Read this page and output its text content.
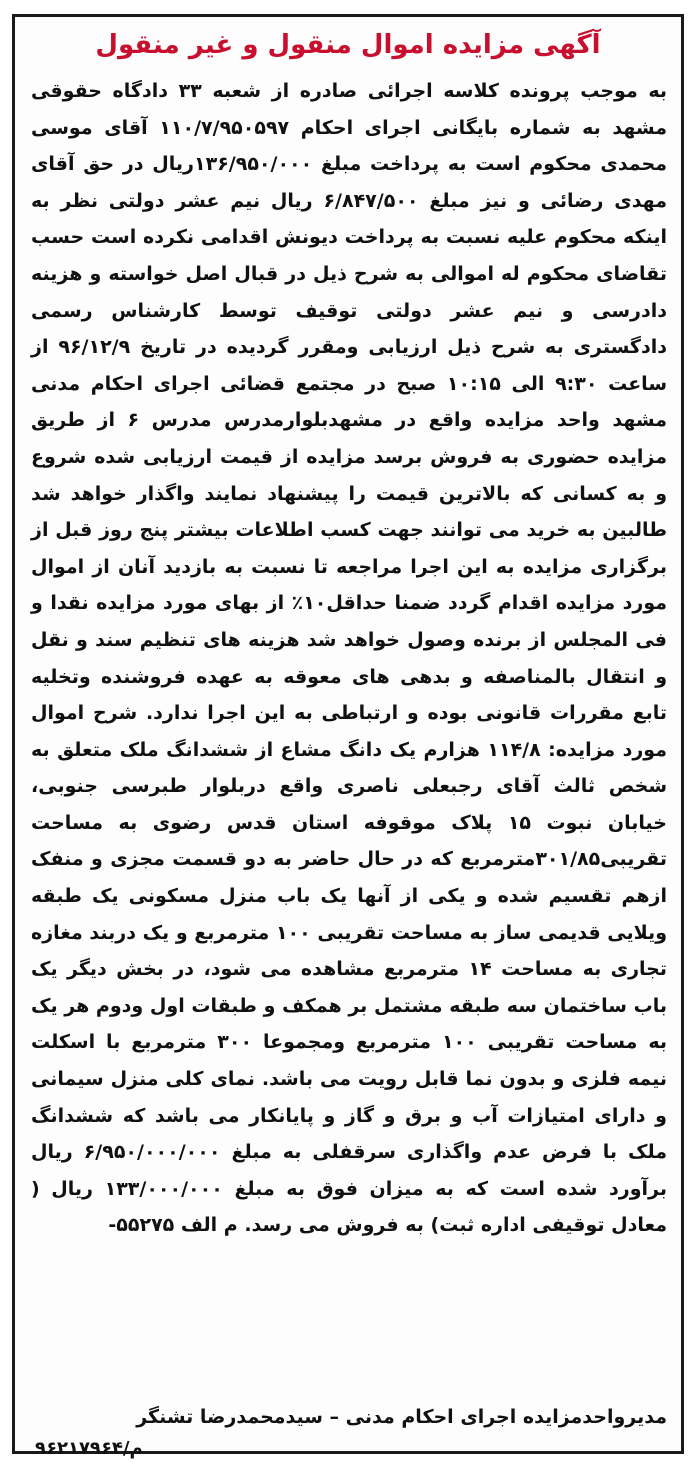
آگهی مزایده اموال منقول و غیر منقول

به موجب پرونده کلاسه اجرائی صادره از شعبه ۳۳ دادگاه حقوقی مشهد به شماره بایگانی اجرای احکام ۱۱۰/۷/۹۵۰۵۹۷ آقای موسی محمدی محکوم است به پرداخت مبلغ ۱۳۶/۹۵۰/۰۰۰ریال در حق آقای مهدی رضائی و نیز مبلغ ۶/۸۴۷/۵۰۰ ریال نیم عشر دولتی نظر به اینکه محکوم علیه نسبت به پرداخت دیونش اقدامی نکرده است حسب تقاضای محکوم له اموالی به شرح ذیل در قبال اصل خواسته و هزینه دادرسی و نیم عشر دولتی توقیف توسط کارشناس رسمی دادگستری به شرح ذیل ارزیابی ومقرر گردیده در تاریخ ۹۶/۱۲/۹ از ساعت ۹:۳۰ الی ۱۰:۱۵ صبح در مجتمع قضائی اجرای احکام مدنی مشهد واحد مزایده واقع در مشهدبلوارمدرس مدرس ۶ از طریق مزایده حضوری به فروش برسد مزایده از قیمت ارزیابی شده شروع و به کسانی که بالاترین قیمت را پیشنهاد نمایند واگذار خواهد شد طالبین به خرید می توانند جهت کسب اطلاعات بیشتر پنج روز قبل از برگزاری مزایده به این اجرا مراجعه تا نسبت به بازدید آنان از اموال مورد مزایده اقدام گردد ضمنا حداقل۱۰٪ از بهای مورد مزایده نقدا و فی المجلس از برنده وصول خواهد شد هزینه های تنظیم سند و نقل و انتقال بالمناصفه و بدهی های معوقه به عهده فروشنده وتخلیه تابع مقررات قانونی بوده و ارتباطی به این اجرا ندارد. شرح اموال مورد مزایده: ۱۱۴/۸ هزارم یک دانگ مشاع از ششدانگ ملک متعلق به شخص ثالث آقای رجبعلی ناصری واقع دربلوار طبرسی جنوبی، خیابان نبوت ۱۵ پلاک موقوفه استان قدس رضوی به مساحت تقریبی۳۰۱/۸۵مترمربع که در حال حاضر به دو قسمت مجزی و منفک ازهم تقسیم شده و یکی از آنها یک باب منزل مسکونی یک طبقه ویلایی قدیمی ساز به مساحت تقریبی ۱۰۰ مترمربع و یک دربند مغازه تجاری به مساحت ۱۴ مترمربع مشاهده می شود، در بخش دیگر یک باب ساختمان سه طبقه مشتمل بر همکف و طبقات اول ودوم هر یک به مساحت تقریبی ۱۰۰ مترمربع ومجموعا ۳۰۰ مترمربع با اسکلت نیمه فلزی و بدون نما قابل رویت می باشد. نمای کلی منزل سیمانی و دارای امتیازات آب و برق و گاز و پایانکار می باشد که ششدانگ ملک با فرض عدم واگذاری سرقفلی به مبلغ ۶/۹۵۰/۰۰۰/۰۰۰ ریال برآورد شده است که به میزان فوق به مبلغ ۱۳۳/۰۰۰/۰۰۰ ریال ( معادل توقیفی اداره ثبت) به فروش می رسد. م الف ۵۵۲۷۵-

مدیرواحدمزایده اجرای احکام مدنی – سیدمحمدرضا تشنگر
م/۹۶۲۱۷۹۶۴
